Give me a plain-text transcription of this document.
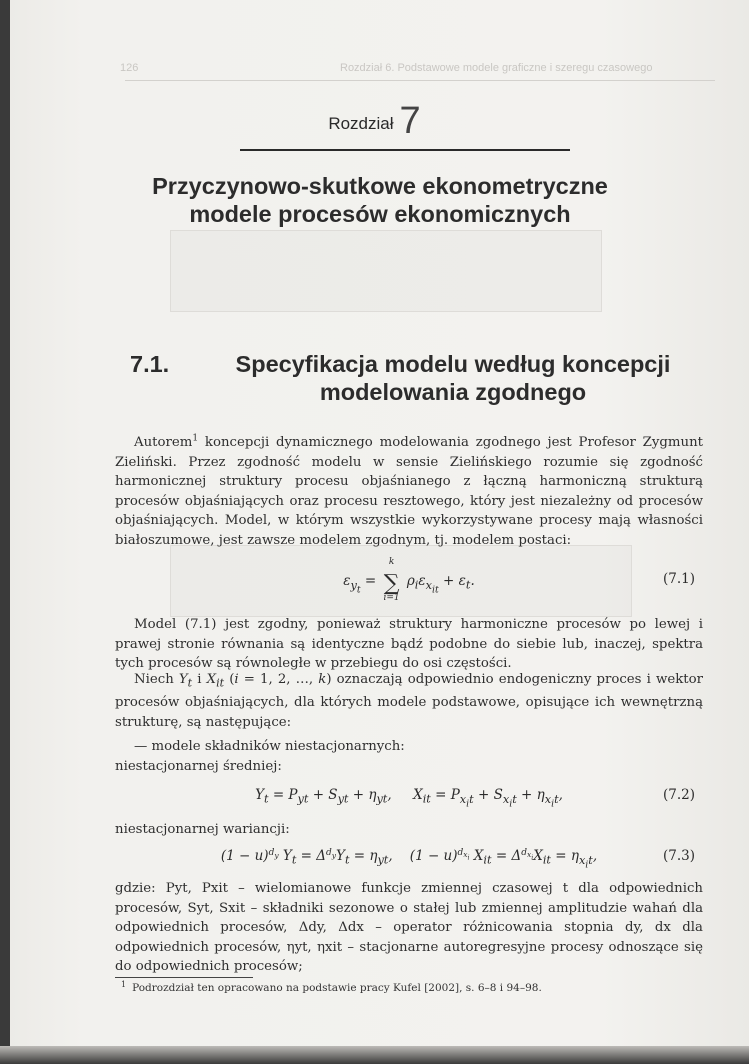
126	Rozdział 6. Podstawowe modele graficzne i szeregu czasowego
Rozdział 7
Przyczynowo-skutkowe ekonometryczne
modele procesów ekonomicznych
7.1.	Specyfikacja modelu według koncepcji
modelowania zgodnego
Autorem$^1$ koncepcji dynamicznego modelowania zgodnego jest Profesor Zygmunt Zieliński. Przez zgodność modelu w sensie Zielińskiego rozumie się zgodność harmonicznej struktury procesu objaśnianego z łączną harmoniczną strukturą procesów objaśniających oraz procesu resztowego, który jest niezależny od procesów objaśniających. Model, w którym wszystkie wykorzystywane procesy mają własności białoszumowe, jest zawsze modelem zgodnym, tj. modelem postaci:
$\varepsilon_{y_t}$ =
k
∑
i=1
$\rho_i\varepsilon_{x_{it}} + \varepsilon_t$.	(7.1)
Model (7.1) jest zgodny, ponieważ struktury harmoniczne procesów po lewej i prawej stronie równania są identyczne bądź podobne do siebie lub, inaczej, spektra tych procesów są równoległe w przebiegu do osi częstości.
Niech $Y_t$ i $X_{it}$ (i = 1, 2, …, k) oznaczają odpowiednio endogeniczny proces i wektor procesów objaśniających, dla których modele podstawowe, opisujące ich wewnętrzną strukturę, są następujące:
— modele składników niestacjonarnych:
niestacjonarnej średniej:
$Y_t = P_{yt} + S_{yt} + \eta_{yt}$,     $X_{it} = P_{x_it} + S_{x_it} + \eta_{x_it}$,	(7.2)
niestacjonarnej wariancji:
$(1 - u)^{d_y}$ $Y_t = \Delta^{d_y}Y_t = \eta_{yt}$,    $(1 - u)^{d_{x_i}}$ $X_{it} = \Delta^{d_{x_i}}X_{it} = \eta_{x_it}$,	(7.3)
gdzie: Pyt, Pxit – wielomianowe funkcje zmiennej czasowej t dla odpowiednich procesów, Syt, Sxit – składniki sezonowe o stałej lub zmiennej amplitudzie wahań dla odpowiednich procesów, Δdy, Δdx – operator różnicowania stopnia dy, dx dla odpowiednich procesów, ηyt, ηxit – stacjonarne autoregresyjne procesy odnoszące się do odpowiednich procesów;
$^1$ Podrozdział ten opracowano na podstawie pracy Kufel [2002], s. 6–8 i 94–98.
